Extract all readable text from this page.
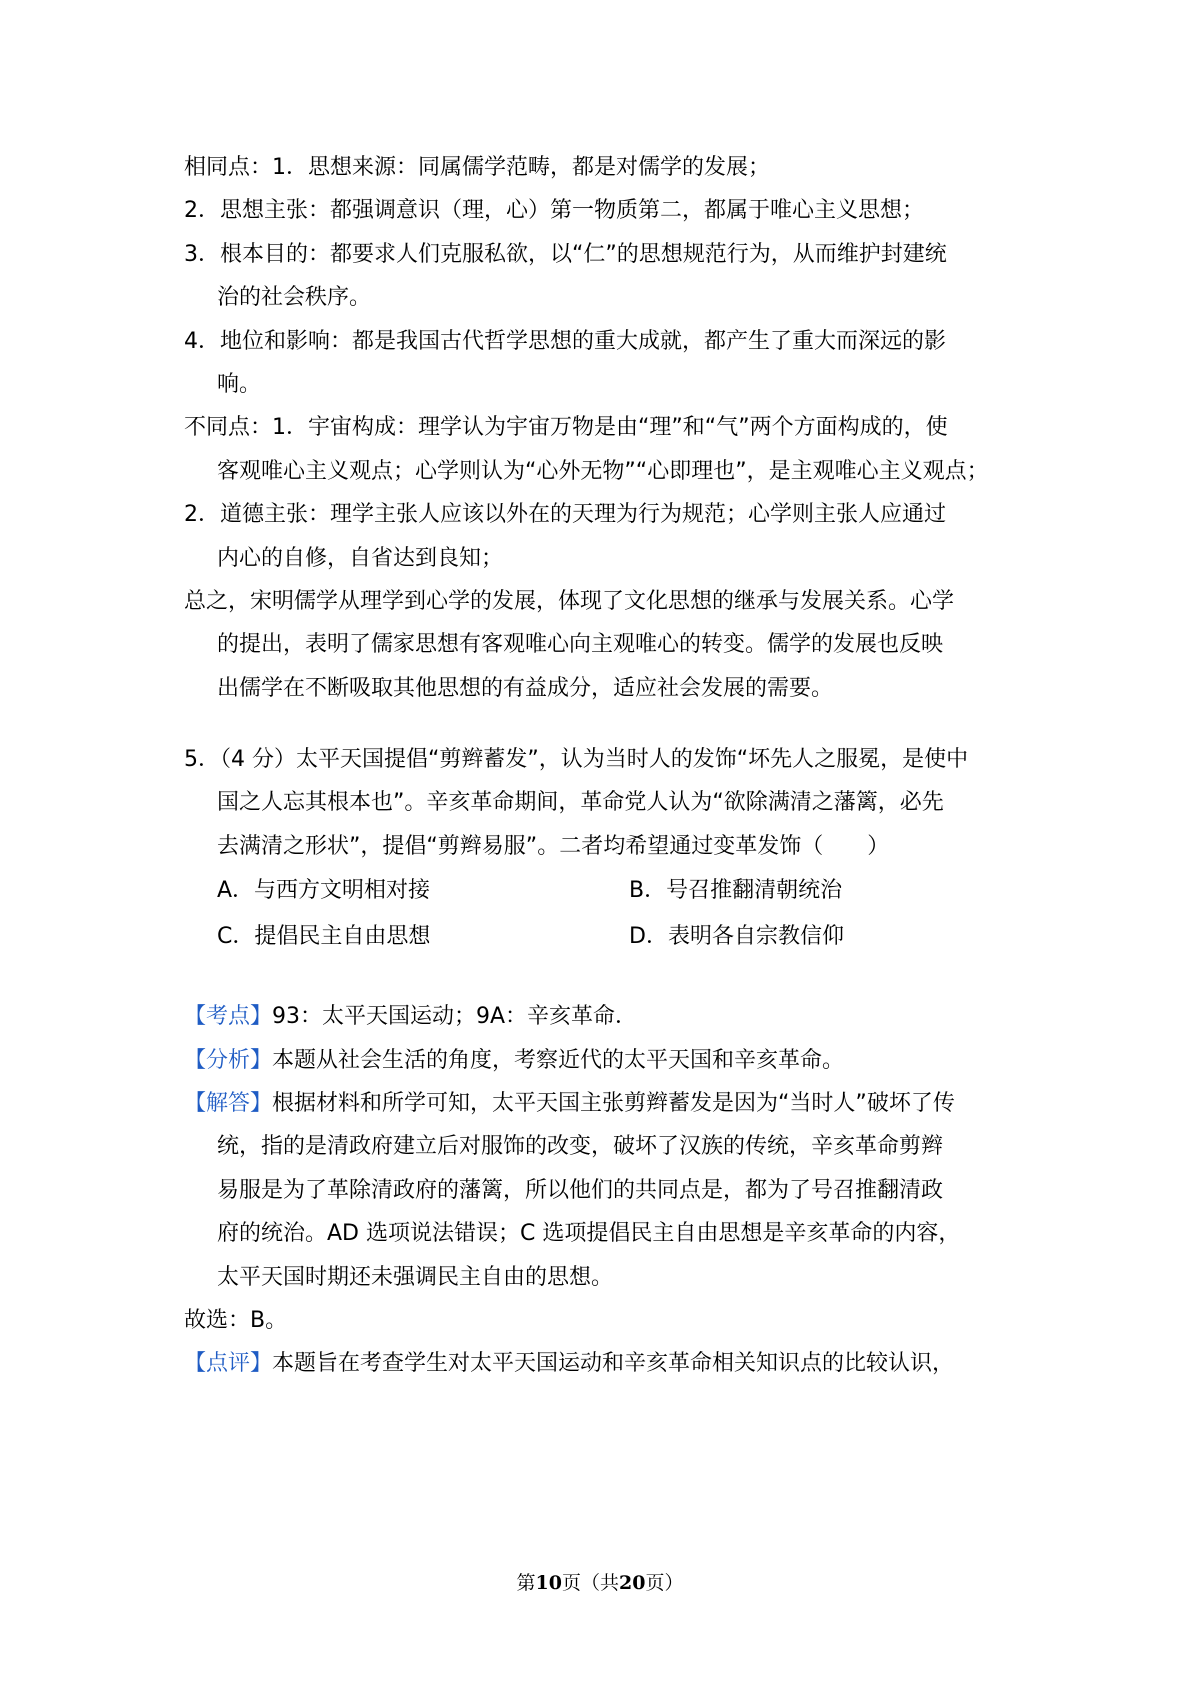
相同点：1．思想来源：同属儒学范畴，都是对儒学的发展；

2．思想主张：都强调意识（理，心）第一物质第二，都属于唯心主义思想；

3．根本目的：都要求人们克服私欲，以“仁”的思想规范行为，从而维护封建统

治的社会秩序。

4．地位和影响：都是我国古代哲学思想的重大成就，都产生了重大而深远的影

响。

不同点：1．宇宙构成：理学认为宇宙万物是由“理”和“气”两个方面构成的，使

客观唯心主义观点；心学则认为“心外无物”“心即理也”，是主观唯心主义观点；

2．道德主张：理学主张人应该以外在的天理为行为规范；心学则主张人应通过

内心的自修，自省达到良知；

总之，宋明儒学从理学到心学的发展，体现了文化思想的继承与发展关系。心学

的提出，表明了儒家思想有客观唯心向主观唯心的转变。儒学的发展也反映

出儒学在不断吸取其他思想的有益成分，适应社会发展的需要。

5．（4 分）太平天国提倡“剪辫蓄发”，认为当时人的发饰“坏先人之服冕，是使中

国之人忘其根本也”。辛亥革命期间，革命党人认为“欲除满清之藩篱，必先

去满清之形状”，提倡“剪辫易服”。二者均希望通过变革发饰（　　）

A．与西方文明相对接	B．号召推翻清朝统治
C．提倡民主自由思想	D．表明各自宗教信仰

【考点】93：太平天国运动；9A：辛亥革命．

【分析】本题从社会生活的角度，考察近代的太平天国和辛亥革命。

【解答】根据材料和所学可知，太平天国主张剪辫蓄发是因为“当时人”破坏了传

统，指的是清政府建立后对服饰的改变，破坏了汉族的传统，辛亥革命剪辫

易服是为了革除清政府的藩篱，所以他们的共同点是，都为了号召推翻清政

府的统治。AD 选项说法错误；C 选项提倡民主自由思想是辛亥革命的内容，

太平天国时期还未强调民主自由的思想。

故选：B。

【点评】本题旨在考查学生对太平天国运动和辛亥革命相关知识点的比较认识，

第10页（共20页）
